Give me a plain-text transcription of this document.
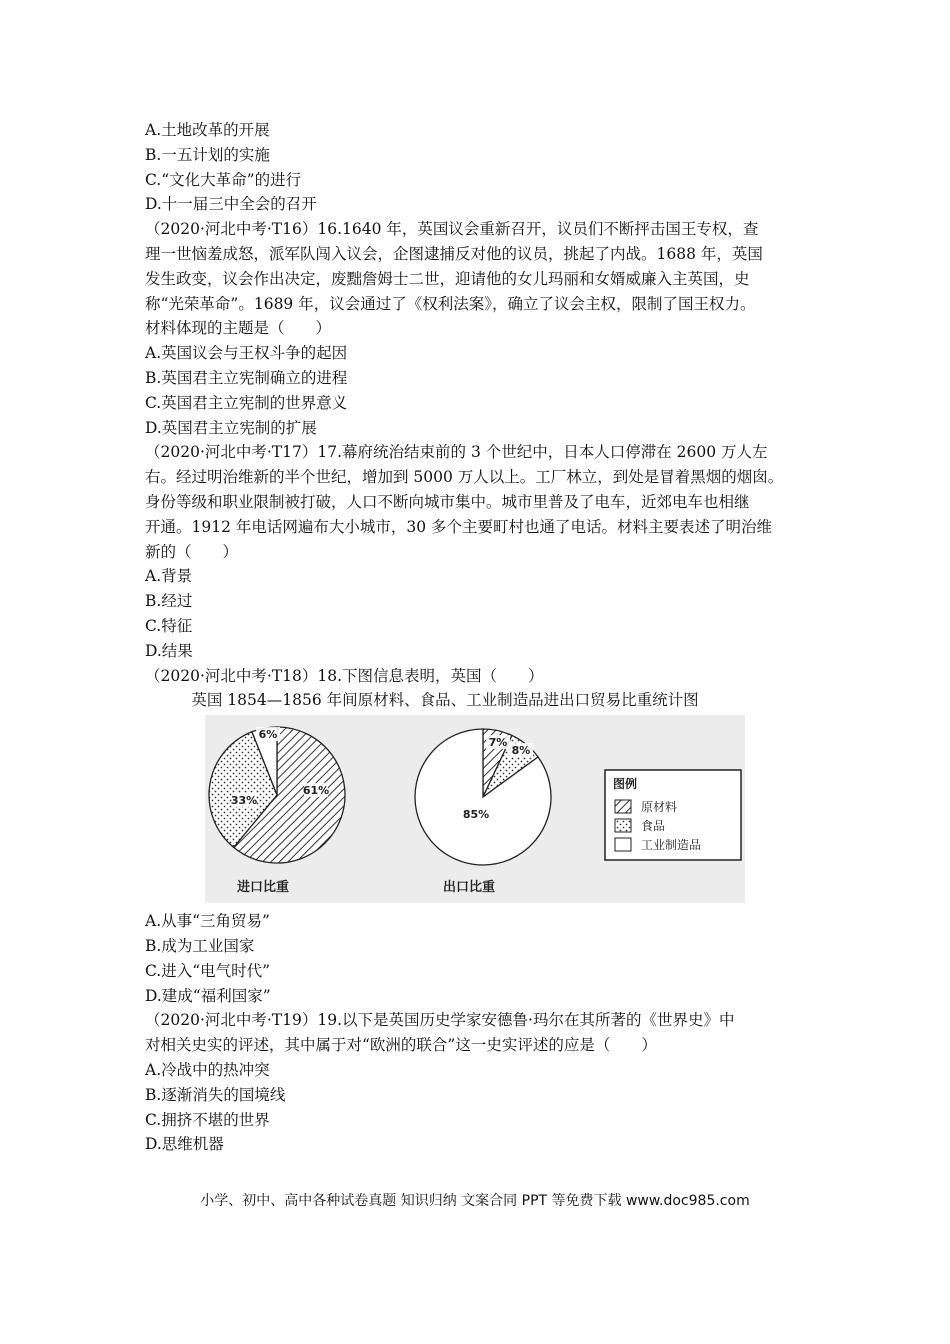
A.土地改革的开展

B.一五计划的实施

C.“文化大革命”的进行

D.十一届三中全会的召开

（2020·河北中考·T16）16.1640 年，英国议会重新召开，议员们不断抨击国王专权，查

理一世恼羞成怒，派军队闯入议会，企图逮捕反对他的议员，挑起了内战。1688 年，英国

发生政变，议会作出决定，废黜詹姆士二世，迎请他的女儿玛丽和女婿威廉入主英国，史

称“光荣革命”。1689 年，议会通过了《权利法案》，确立了议会主权，限制了国王权力。

材料体现的主题是（　　）

A.英国议会与王权斗争的起因

B.英国君主立宪制确立的进程

C.英国君主立宪制的世界意义

D.英国君主立宪制的扩展

（2020·河北中考·T17）17.幕府统治结束前的 3 个世纪中，日本人口停滞在 2600 万人左

右。经过明治维新的半个世纪，增加到 5000 万人以上。工厂林立，到处是冒着黑烟的烟囱。

身份等级和职业限制被打破，人口不断向城市集中。城市里普及了电车，近郊电车也相继

开通。1912 年电话网遍布大小城市，30 多个主要町村也通了电话。材料主要表述了明治维

新的（　　）

A.背景

B.经过

C.特征

D.结果

（2020·河北中考·T18）18.下图信息表明，英国（　　）

英国 1854—1856 年间原材料、食品、工业制造品进出口贸易比重统计图
61%
33%
6%
进口比重
7%
8%
85%
出口比重
图例
原材料
食品
工业制造品

A.从事“三角贸易”

B.成为工业国家

C.进入“电气时代”

D.建成“福利国家”

（2020·河北中考·T19）19.以下是英国历史学家安德鲁·玛尔在其所著的《世界史》中

对相关史实的评述，其中属于对“欧洲的联合”这一史实评述的应是（　　）

A.冷战中的热冲突

B.逐渐消失的国境线

C.拥挤不堪的世界

D.思维机器

小学、初中、高中各种试卷真题 知识归纳 文案合同 PPT 等免费下载 www.doc985.com
